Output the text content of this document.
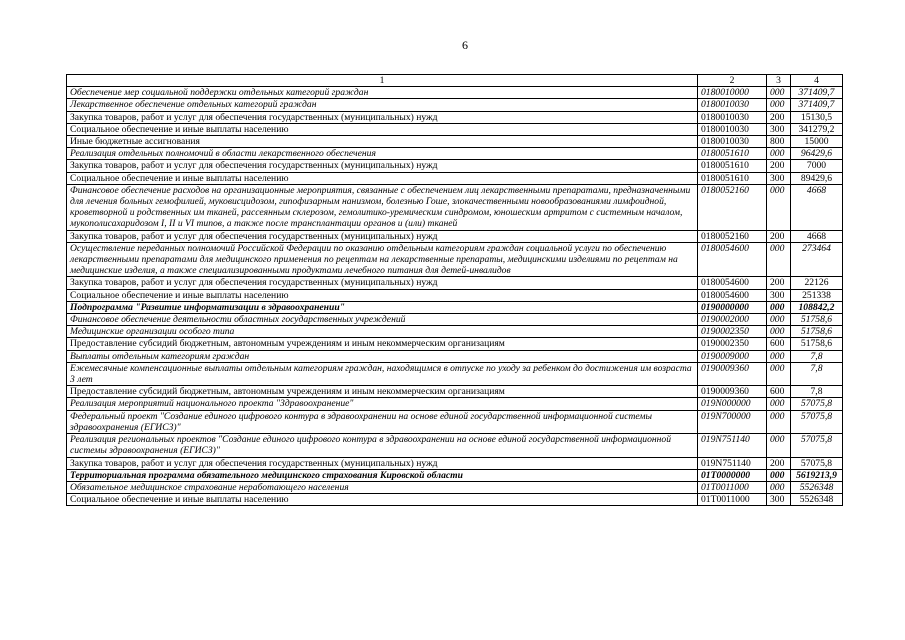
6
1	2	3	4
Обеспечение мер социальной поддержки отдельных категорий граждан	0180010000	000	371409,7
Лекарственное обеспечение отдельных категорий граждан	0180010030	000	371409,7
Закупка товаров, работ и услуг для обеспечения государственных (муниципальных) нужд	0180010030	200	15130,5
Социальное обеспечение и иные выплаты населению	0180010030	300	341279,2
Иные бюджетные ассигнования	0180010030	800	15000
Реализация отдельных полномочий в области лекарственного обеспечения	0180051610	000	96429,6
Закупка товаров, работ и услуг для обеспечения государственных (муниципальных) нужд	0180051610	200	7000
Социальное обеспечение и иные выплаты населению	0180051610	300	89429,6
Финансовое обеспечение расходов на организационные мероприятия, связанные с обеспечением лиц лекарственными препаратами, предназначенными для лечения больных гемофилией, муковисцидозом, гипофизарным нанизмом, болезнью Гоше, злокачественными новообразованиями лимфоидной, кроветворной и родственных им тканей, рассеянным склерозом, гемолитико-уремическим синдромом, юношеским артритом с системным началом, мукополисахаридозом I, II и VI типов, а также после трансплантации органов и (или) тканей	0180052160	000	4668
Закупка товаров, работ и услуг для обеспечения государственных (муниципальных) нужд	0180052160	200	4668
Осуществление переданных полномочий Российской Федерации по оказанию отдельным категориям граждан социальной услуги по обеспечению лекарственными препаратами для медицинского применения по рецептам на лекарственные препараты, медицинскими изделиями по рецептам на медицинские изделия, а также специализированными продуктами лечебного питания для детей-инвалидов	0180054600	000	273464
Закупка товаров, работ и услуг для обеспечения государственных (муниципальных) нужд	0180054600	200	22126
Социальное обеспечение и иные выплаты населению	0180054600	300	251338
Подпрограмма "Развитие информатизации в здравоохранении"	0190000000	000	108842,2
Финансовое обеспечение деятельности областных государственных учреждений	0190002000	000	51758,6
Медицинские организации особого типа	0190002350	000	51758,6
Предоставление субсидий бюджетным, автономным учреждениям и иным некоммерческим организациям	0190002350	600	51758,6
Выплаты отдельным категориям граждан	0190009000	000	7,8
Ежемесячные компенсационные выплаты отдельным категориям граждан, находящимся в отпуске по уходу за ребенком до достижения им возраста 3 лет	0190009360	000	7,8
Предоставление субсидий бюджетным, автономным учреждениям и иным некоммерческим организациям	0190009360	600	7,8
Реализация мероприятий национального проекта "Здравоохранение"	019N000000	000	57075,8
Федеральный проект "Создание единого цифрового контура в здравоохранении на основе единой государственной информационной системы здравоохранения (ЕГИСЗ)"	019N700000	000	57075,8
Реализация региональных проектов "Создание единого цифрового контура в здравоохранении на основе единой государственной информационной системы здравоохранения (ЕГИСЗ)"	019N751140	000	57075,8
Закупка товаров, работ и услуг для обеспечения государственных (муниципальных) нужд	019N751140	200	57075,8
Территориальная программа обязательного медицинского страхования Кировской области	01Т0000000	000	5619213,9
Обязательное медицинское страхование неработающего населения	01Т0011000	000	5526348
Социальное обеспечение и иные выплаты населению	01Т0011000	300	5526348
